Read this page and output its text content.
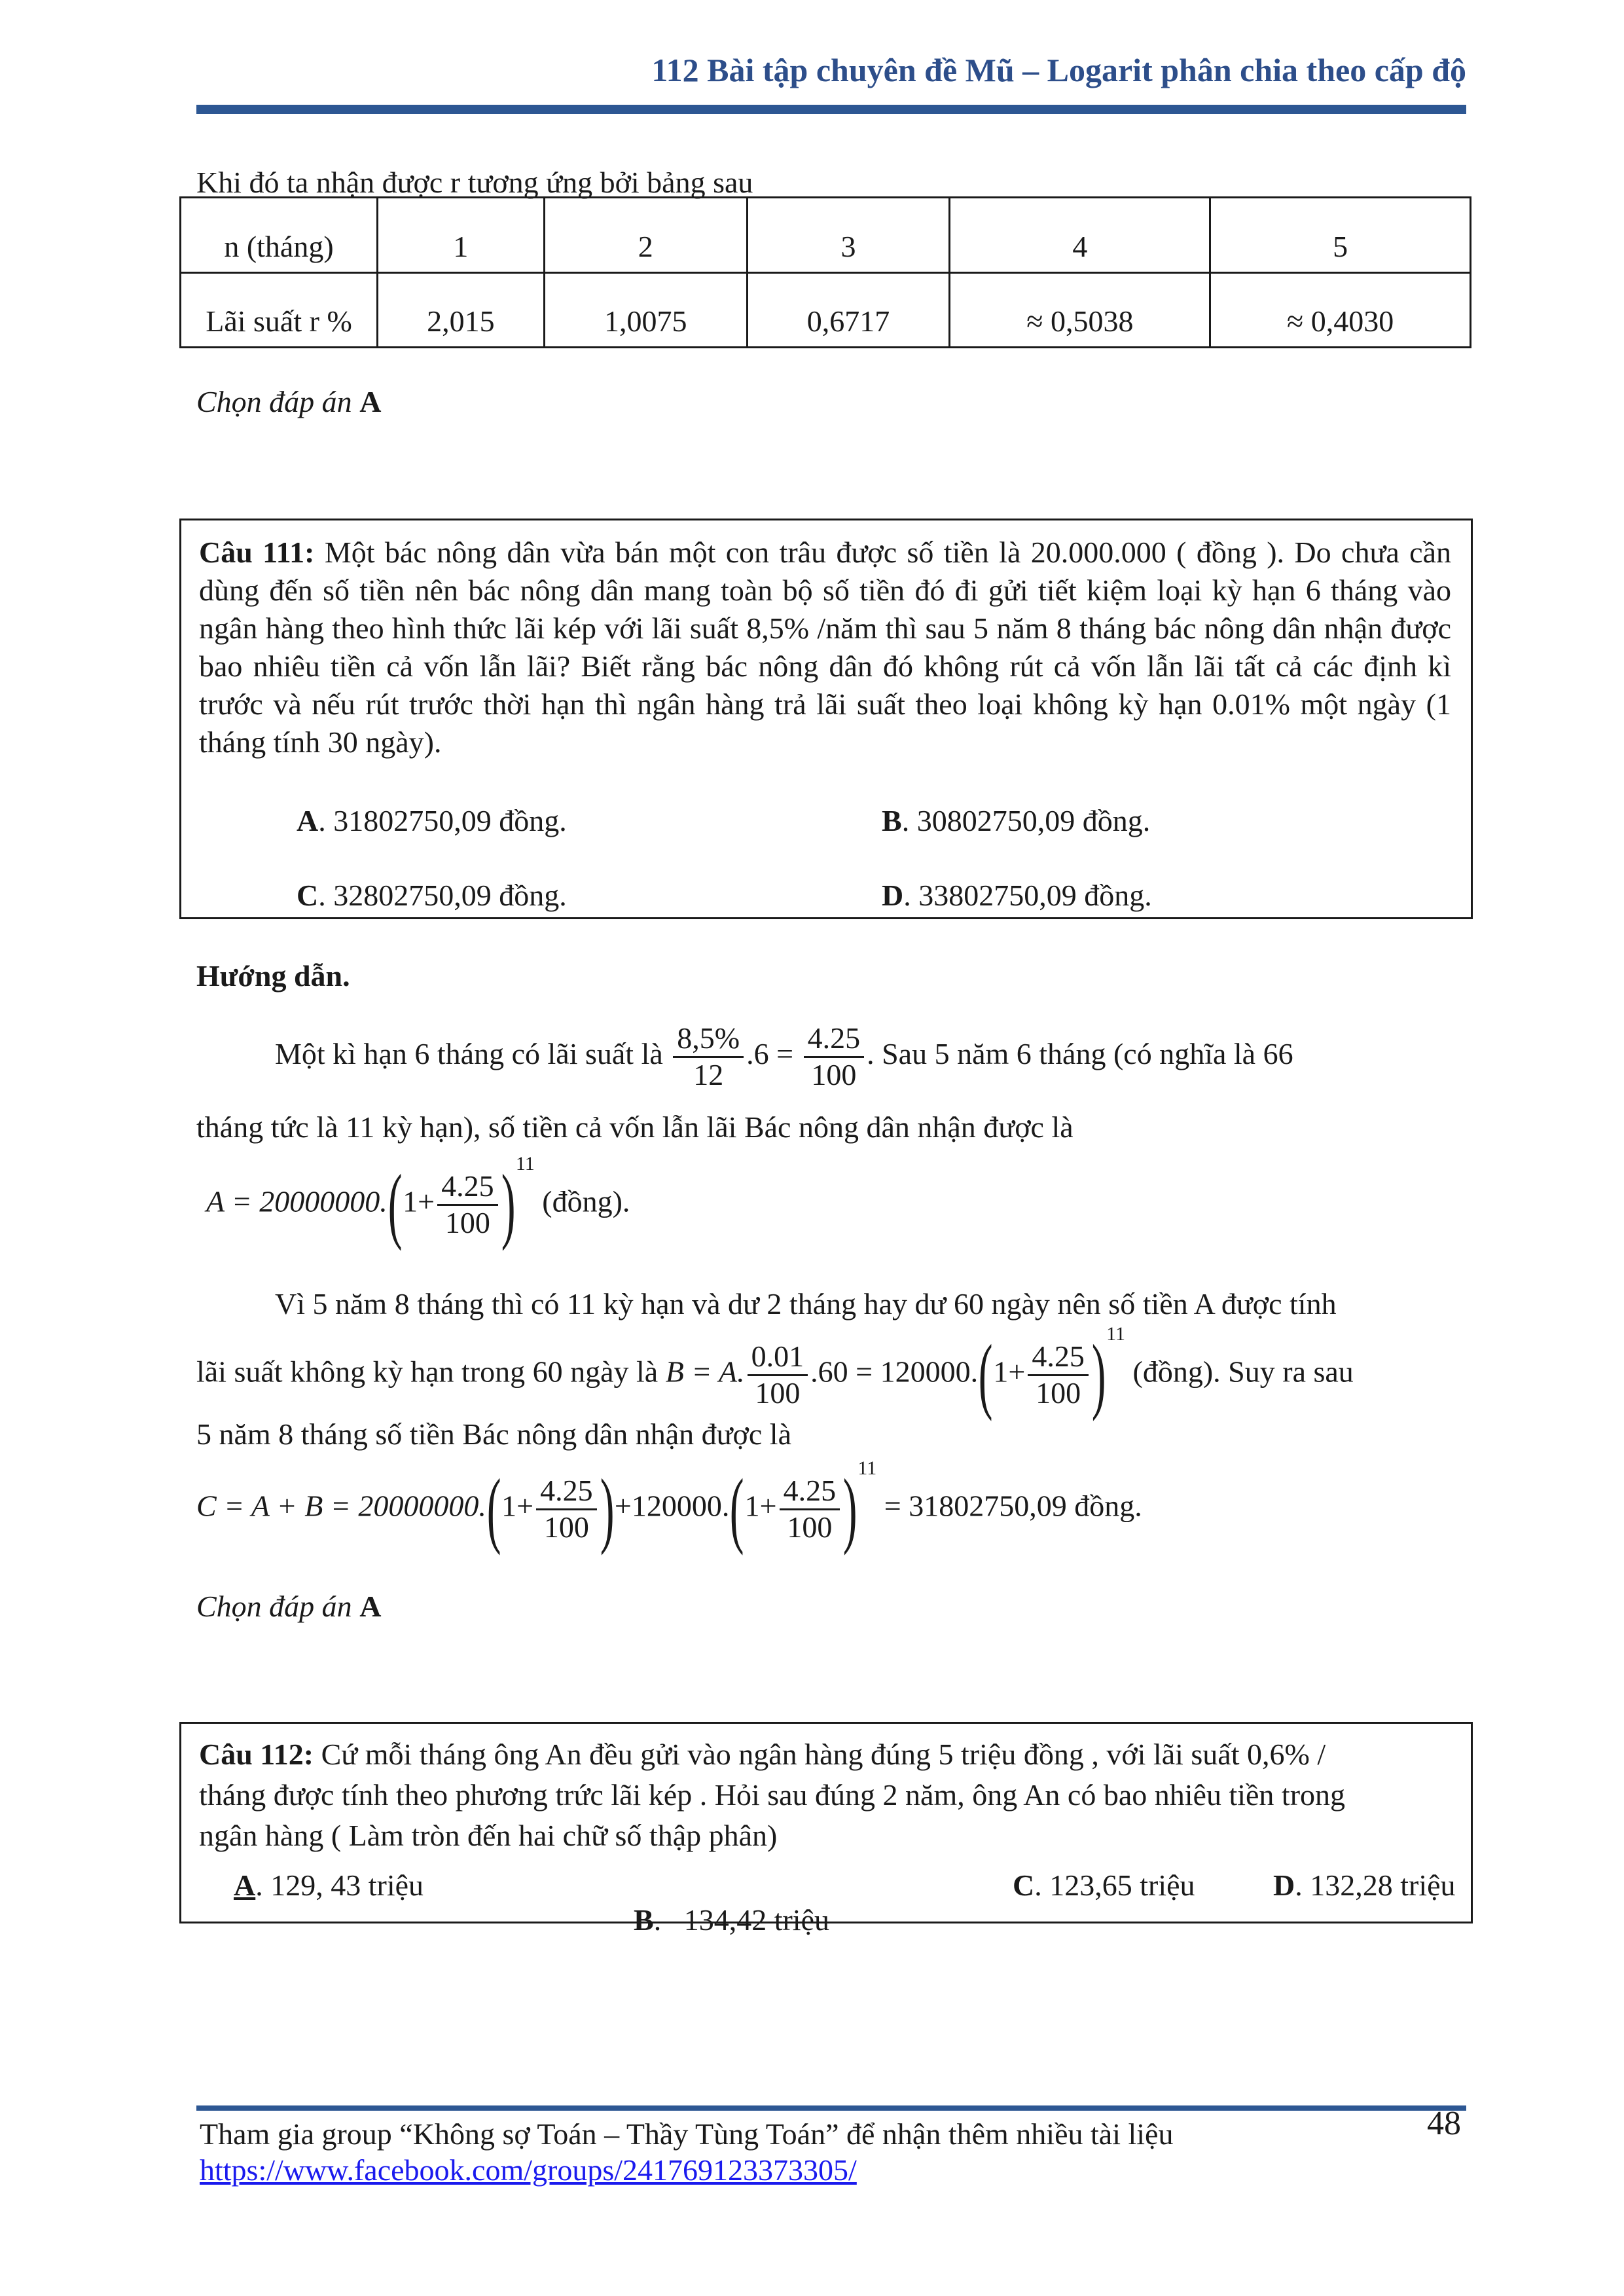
112 Bài tập chuyên đề Mũ – Logarit phân chia theo cấp độ
Khi đó ta nhận được r tương ứng bởi bảng sau
n (tháng)	1	2	3	4	5
Lãi suất r %	2,015	1,0075	0,6717	≈ 0,5038	≈ 0,4030
Chọn đáp án A
Câu 111: Một bác nông dân vừa bán một con trâu được số tiền là 20.000.000 ( đồng ). Do chưa cần dùng đến số tiền nên bác nông dân mang toàn bộ số tiền đó đi gửi tiết kiệm loại kỳ hạn 6 tháng vào ngân hàng theo hình thức lãi kép với lãi suất 8,5% /năm thì sau 5 năm 8 tháng bác nông dân nhận được bao nhiêu tiền cả vốn lẫn lãi? Biết rằng bác nông dân đó không rút cả vốn lẫn lãi tất cả các định kì trước và nếu rút trước thời hạn thì ngân hàng trả lãi suất theo loại không kỳ hạn 0.01% một ngày (1 tháng tính 30 ngày).
A. 31802750,09 đồng.	B. 30802750,09 đồng.
C. 32802750,09 đồng.	D. 33802750,09 đồng.
Hướng dẫn.
Một kì hạn 6 tháng có lãi suất là $\frac{8,5\%}{12} .6 = \frac{4.25}{100}$ . Sau 5 năm 6 tháng (có nghĩa là 66
tháng tức là 11 kỳ hạn), số tiền cả vốn lẫn lãi Bác nông dân nhận được là
$A = 20000000.(1+ \frac{4.25}{100} )^{11}$ (đồng).
Vì 5 năm 8 tháng thì có 11 kỳ hạn và dư 2 tháng hay dư 60 ngày nên số tiền A được tính
lãi suất không kỳ hạn trong 60 ngày là B = A. $\frac{0.01}{100} .60 = 120000.(1+ \frac{4.25}{100} )^{11}$ (đồng). Suy ra sau
5 năm 8 tháng số tiền Bác nông dân nhận được là
$C = A + B = 20000000.(1+ \frac{4.25}{100} )+120000.(1+ \frac{4.25}{100} )^{11} = 31802750,09$ đồng.
Chọn đáp án A
Câu 112: Cứ mỗi tháng ông An đều gửi vào ngân hàng đúng 5 triệu đồng , với lãi suất 0,6% /
tháng được tính theo phương trức lãi kép . Hỏi sau đúng 2 năm, ông An có bao nhiêu tiền trong
ngân hàng ( Làm tròn đến hai chữ số thập phân)
A. 129, 43 triệu

B.   134,42 triệu

C. 123,65 triệu	D. 132,28 triệu
Tham gia group “Không sợ Toán – Thầy Tùng Toán” để nhận thêm nhiều tài liệu
https://www.facebook.com/groups/241769123373305/
48
